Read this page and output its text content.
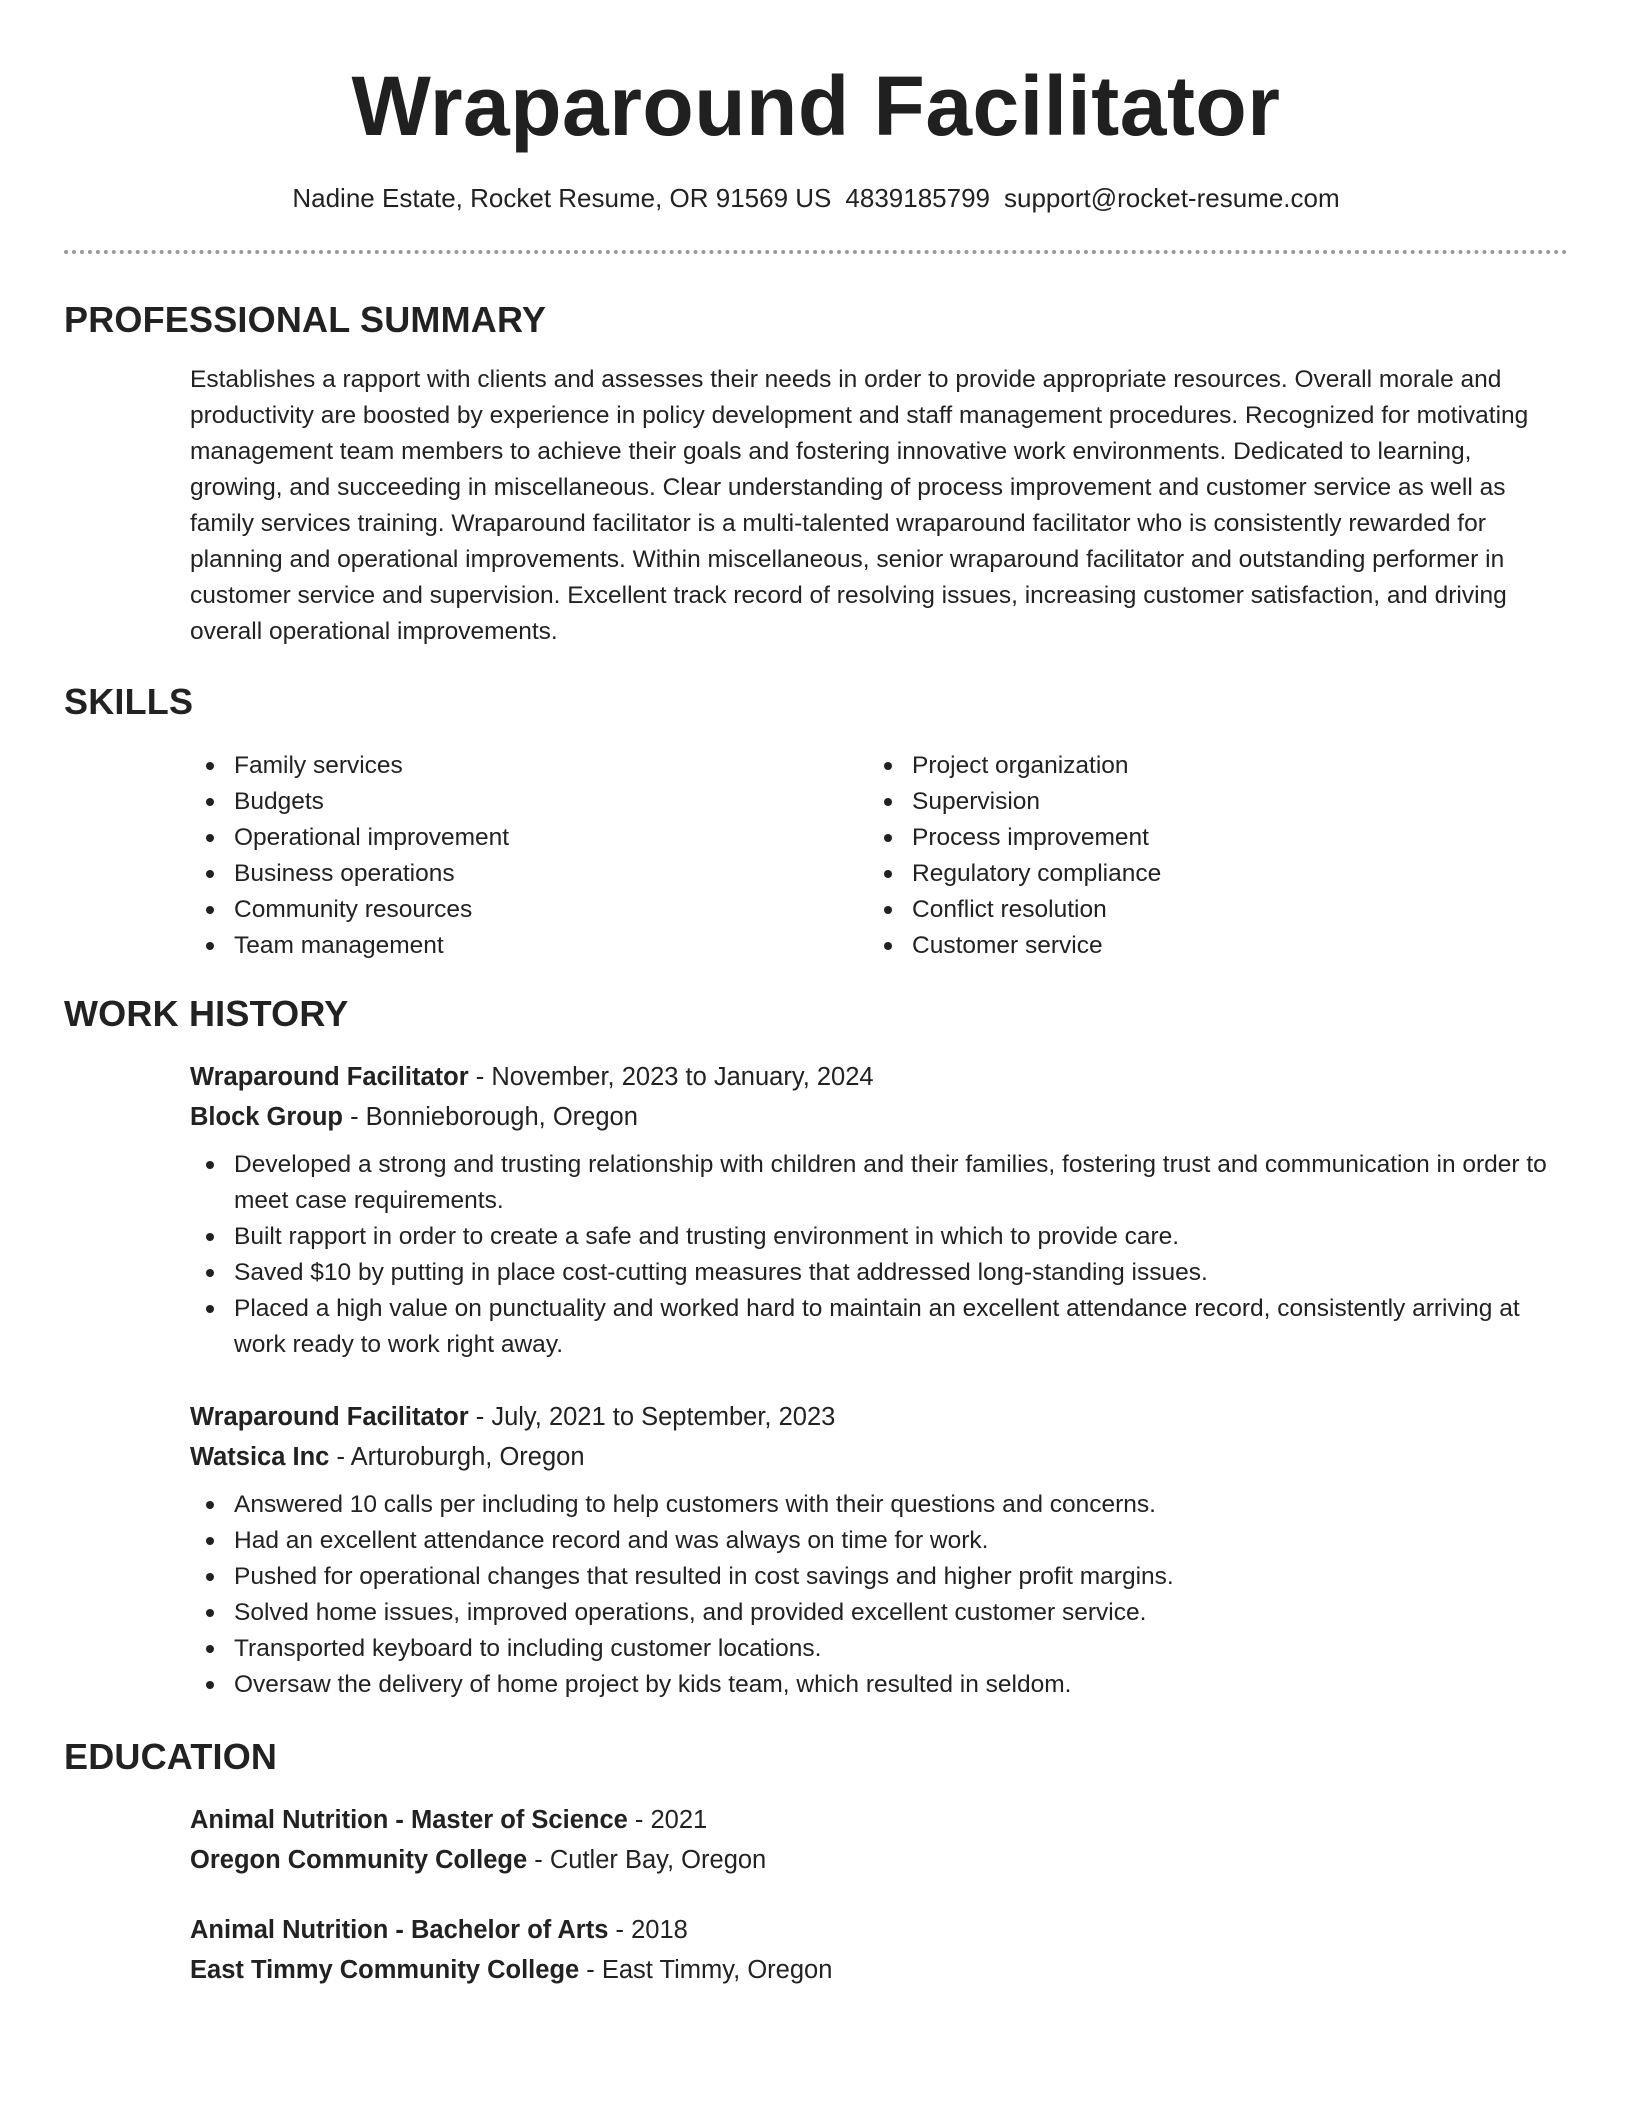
Wraparound Facilitator
Nadine Estate, Rocket Resume, OR 91569 US 4839185799 support@rocket-resume.com
PROFESSIONAL SUMMARY
Establishes a rapport with clients and assesses their needs in order to provide appropriate resources. Overall morale and
productivity are boosted by experience in policy development and staff management procedures. Recognized for motivating
management team members to achieve their goals and fostering innovative work environments. Dedicated to learning,
growing, and succeeding in miscellaneous. Clear understanding of process improvement and customer service as well as
family services training. Wraparound facilitator is a multi-talented wraparound facilitator who is consistently rewarded for
planning and operational improvements. Within miscellaneous, senior wraparound facilitator and outstanding performer in
customer service and supervision. Excellent track record of resolving issues, increasing customer satisfaction, and driving
overall operational improvements.
SKILLS
Family services
Budgets
Operational improvement
Business operations
Community resources
Team management
Project organization
Supervision
Process improvement
Regulatory compliance
Conflict resolution
Customer service
WORK HISTORY
Wraparound Facilitator - November, 2023 to January, 2024
Block Group - Bonnieborough, Oregon
Developed a strong and trusting relationship with children and their families, fostering trust and communication in order to meet case requirements.
Built rapport in order to create a safe and trusting environment in which to provide care.
Saved $10 by putting in place cost-cutting measures that addressed long-standing issues.
Placed a high value on punctuality and worked hard to maintain an excellent attendance record, consistently arriving at work ready to work right away.
Wraparound Facilitator - July, 2021 to September, 2023
Watsica Inc - Arturoburgh, Oregon
Answered 10 calls per including to help customers with their questions and concerns.
Had an excellent attendance record and was always on time for work.
Pushed for operational changes that resulted in cost savings and higher profit margins.
Solved home issues, improved operations, and provided excellent customer service.
Transported keyboard to including customer locations.
Oversaw the delivery of home project by kids team, which resulted in seldom.
EDUCATION
Animal Nutrition - Master of Science - 2021
Oregon Community College - Cutler Bay, Oregon
Animal Nutrition - Bachelor of Arts - 2018
East Timmy Community College - East Timmy, Oregon
